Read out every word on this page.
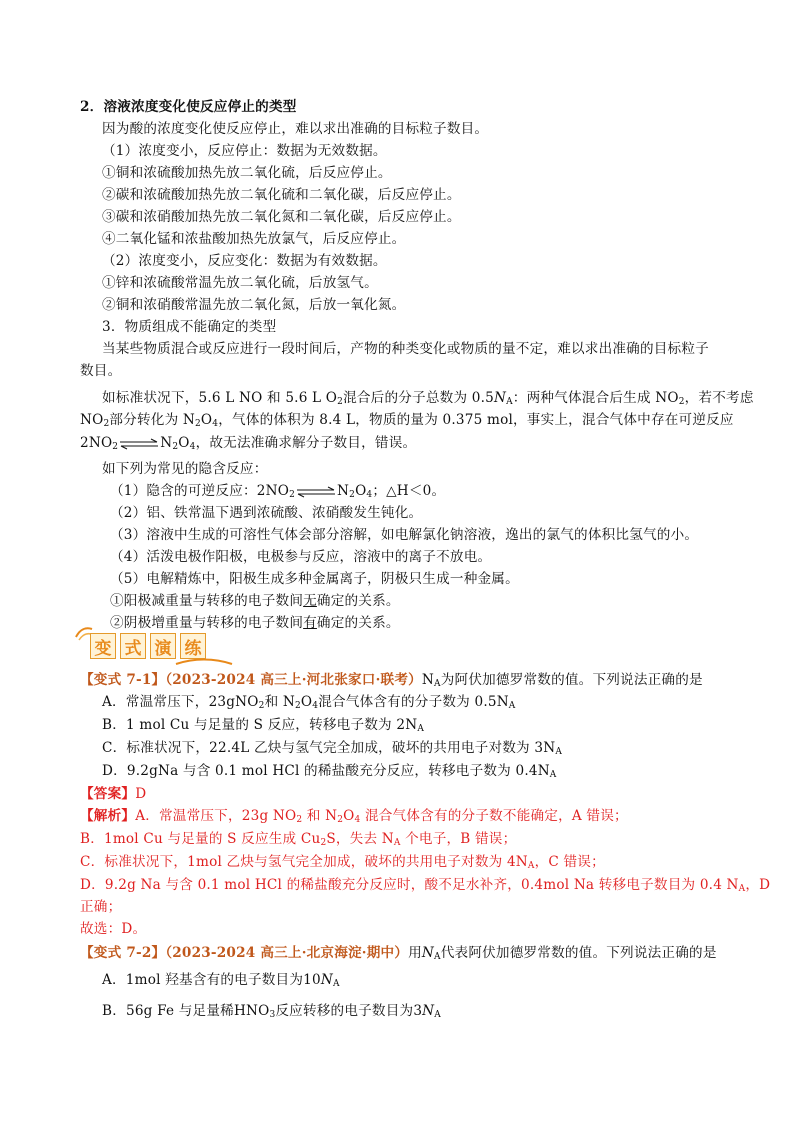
2．溶液浓度变化使反应停止的类型
因为酸的浓度变化使反应停止，难以求出准确的目标粒子数目。
（1）浓度变小，反应停止：数据为无效数据。
①铜和浓硫酸加热先放二氧化硫，后反应停止。
②碳和浓硫酸加热先放二氧化硫和二氧化碳，后反应停止。
③碳和浓硝酸加热先放二氧化氮和二氧化碳，后反应停止。
④二氧化锰和浓盐酸加热先放氯气，后反应停止。
（2）浓度变小，反应变化：数据为有效数据。
①锌和浓硫酸常温先放二氧化硫，后放氢气。
②铜和浓硝酸常温先放二氧化氮，后放一氧化氮。
3．物质组成不能确定的类型
当某些物质混合或反应进行一段时间后，产物的种类变化或物质的量不定，难以求出准确的目标粒子
数目。
如标准状况下，5.6 L NO 和 5.6 L $O_2$混合后的分子总数为 $0.5N_A$：两种气体混合后生成 $NO_2$，若不考虑
$NO_2$部分转化为 $N_2O_4$，气体的体积为 8.4 L，物质的量为 0.375 mol，事实上，混合气体中存在可逆反应
$2NO_2\rightleftharpoons N_2O_4$，故无法准确求解分子数目，错误。
如下列为常见的隐含反应：
（1）隐含的可逆反应：$2NO_2\rightleftharpoons N_2O_4$；△H＜0。
（2）铝、铁常温下遇到浓硫酸、浓硝酸发生钝化。
（3）溶液中生成的可溶性气体会部分溶解，如电解氯化钠溶液，逸出的氯气的体积比氢气的小。
（4）活泼电极作阳极，电极参与反应，溶液中的离子不放电。
（5）电解精炼中，阳极生成多种金属离子，阴极只生成一种金属。
①阳极减重量与转移的电子数间无确定的关系。
②阴极增重量与转移的电子数间有确定的关系。
变 式 演 练
【变式 7-1】（2023-2024 高三上·河北张家口·联考）$N_A$为阿伏加德罗常数的值。下列说法正确的是
A．常温常压下，23gNO$_2$和 $N_2O_4$混合气体含有的分子数为 $0.5N_A$
B．1 mol Cu 与足量的 S 反应，转移电子数为 $2N_A$
C．标准状况下，22.4L 乙炔与氢气完全加成，破坏的共用电子对数为 $3N_A$
D．9.2gNa 与含 0.1 mol HCl 的稀盐酸充分反应，转移电子数为 $0.4N_A$
【答案】D
【解析】A．常温常压下，23g $NO_2$ 和 $N_2O_4$ 混合气体含有的分子数不能确定，A 错误；
B．1mol Cu 与足量的 S 反应生成 $Cu_2S$，失去 $N_A$ 个电子，B 错误；
C．标准状况下，1mol 乙炔与氢气完全加成，破坏的共用电子对数为 $4N_A$，C 错误；
D．9.2g Na 与含 0.1 mol HCl 的稀盐酸充分反应时，酸不足水补齐，0.4mol Na 转移电子数目为 0.4 $N_A$，D
正确；
故选：D。
【变式 7-2】（2023-2024 高三上·北京海淀·期中）用$N_A$代表阿伏加德罗常数的值。下列说法正确的是
A．1mol 羟基含有的电子数目为$10N_A$
B．56g Fe 与足量稀$HNO_3$反应转移的电子数目为$3N_A$
